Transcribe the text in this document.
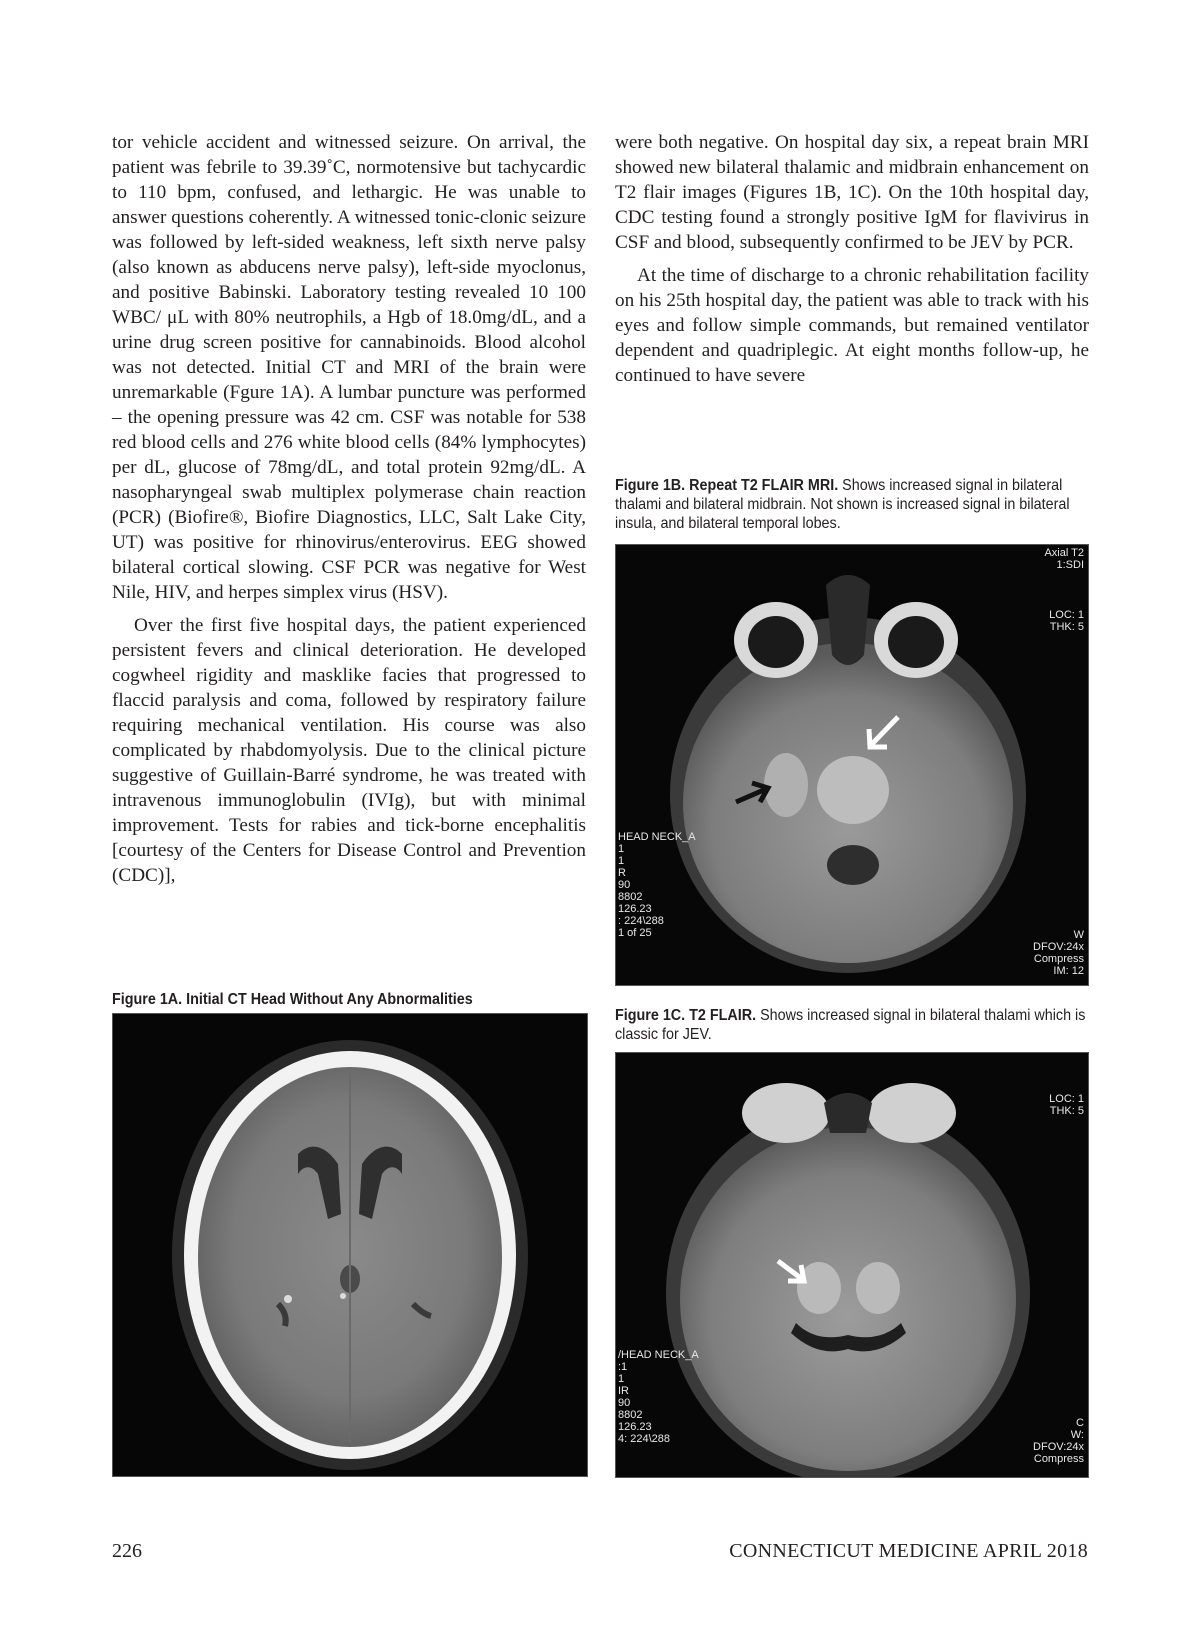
tor vehicle accident and witnessed seizure. On arrival, the patient was febrile to 39.39˚C, normotensive but tachycardic to 110 bpm, confused, and lethargic. He was unable to answer questions coherently. A witnessed tonic-clonic seizure was followed by left-sided weakness, left sixth nerve palsy (also known as abducens nerve palsy), left-side myoclonus, and positive Babinski. Laboratory testing revealed 10 100 WBC/ μL with 80% neutrophils, a Hgb of 18.0mg/dL, and a urine drug screen positive for cannabinoids. Blood alcohol was not detected. Initial CT and MRI of the brain were unremarkable (Fgure 1A). A lumbar puncture was performed – the opening pressure was 42 cm. CSF was notable for 538 red blood cells and 276 white blood cells (84% lymphocytes) per dL, glucose of 78mg/dL, and total protein 92mg/dL. A nasopharyngeal swab multiplex polymerase chain reaction (PCR) (Biofire®, Biofire Diagnostics, LLC, Salt Lake City, UT) was positive for rhinovirus/enterovirus. EEG showed bilateral cortical slowing. CSF PCR was negative for West Nile, HIV, and herpes simplex virus (HSV).

Over the first five hospital days, the patient experienced persistent fevers and clinical deterioration. He developed cogwheel rigidity and masklike facies that progressed to flaccid paralysis and coma, followed by respiratory failure requiring mechanical ventilation. His course was also complicated by rhabdomyolysis. Due to the clinical picture suggestive of Guillain-Barré syndrome, he was treated with intravenous immunoglobulin (IVIg), but with minimal improvement. Tests for rabies and tick-borne encephalitis [courtesy of the Centers for Disease Control and Prevention (CDC)],

were both negative. On hospital day six, a repeat brain MRI showed new bilateral thalamic and midbrain enhancement on T2 flair images (Figures 1B, 1C). On the 10th hospital day, CDC testing found a strongly positive IgM for flavivirus in CSF and blood, subsequently confirmed to be JEV by PCR.

At the time of discharge to a chronic rehabilitation facility on his 25th hospital day, the patient was able to track with his eyes and follow simple commands, but remained ventilator dependent and quadriplegic. At eight months follow-up, he continued to have severe

Figure 1A. Initial CT Head Without Any Abnormalities

Figure 1B. Repeat T2 FLAIR MRI. Shows increased signal in bilateral thalami and bilateral midbrain. Not shown is increased signal in bilateral insula, and bilateral temporal lobes.

Axial T2
1:SDI

LOC: 1
THK: 5

HEAD NECK_A
1
1
R
90
8802
126.23
: 224\288
1 of 25	W
DFOV:24x
Compress
IM: 12

Figure 1C. T2 FLAIR. Shows increased signal in bilateral thalami which is classic for JEV.

LOC: 1
THK: 5

/HEAD NECK_A
:1
1
IR
90
8802
126.23
4: 224\288

C
W:
DFOV:24x
Compress

226	CONNECTICUT MEDICINE APRIL 2018
